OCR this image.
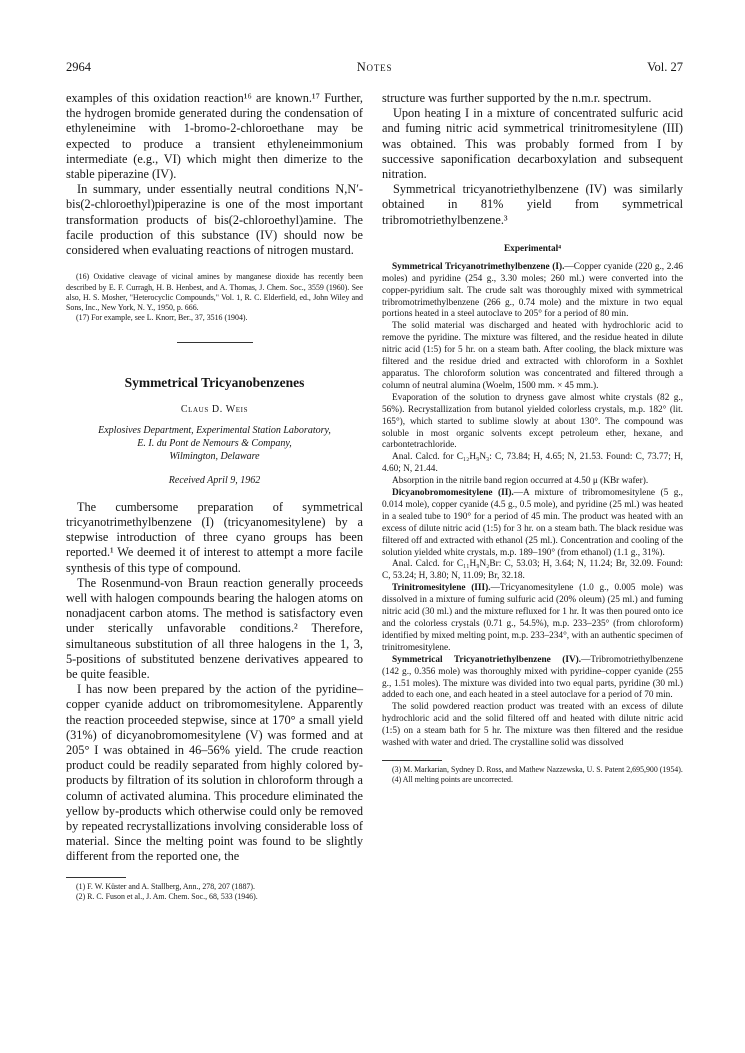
2964	Notes	Vol. 27

examples of this oxidation reaction¹⁶ are known.¹⁷ Further, the hydrogen bromide generated during the condensation of ethyleneimine with 1-bromo-2-chloroethane may be expected to produce a transient ethyleneimmonium intermediate (e.g., VI) which might then dimerize to the stable piperazine (IV).

In summary, under essentially neutral conditions N,N′-bis(2-chloroethyl)piperazine is one of the most important transformation products of bis(2-chloroethyl)amine. The facile production of this substance (IV) should now be considered when evaluating reactions of nitrogen mustard.

(16) Oxidative cleavage of vicinal amines by manganese dioxide has recently been described by E. F. Curragh, H. B. Henbest, and A. Thomas, J. Chem. Soc., 3559 (1960). See also, H. S. Mosher, "Heterocyclic Compounds," Vol. 1, R. C. Elderfield, ed., John Wiley and Sons, Inc., New York, N. Y., 1950, p. 666.

(17) For example, see L. Knorr, Ber., 37, 3516 (1904).

Symmetrical Tricyanobenzenes
Claus D. Weis
Explosives Department, Experimental Station Laboratory,
E. I. du Pont de Nemours & Company,
Wilmington, Delaware
Received April 9, 1962

The cumbersome preparation of symmetrical tricyanotrimethylbenzene (I) (tricyanomesitylene) by a stepwise introduction of three cyano groups has been reported.¹ We deemed it of interest to attempt a more facile synthesis of this type of compound.

The Rosenmund-von Braun reaction generally proceeds well with halogen compounds bearing the halogen atoms on nonadjacent carbon atoms. The method is satisfactory even under sterically unfavorable conditions.² Therefore, simultaneous substitution of all three halogens in the 1, 3, 5-positions of substituted benzene derivatives appeared to be quite feasible.

I has now been prepared by the action of the pyridine–copper cyanide adduct on tribromomesitylene. Apparently the reaction proceeded stepwise, since at 170° a small yield (31%) of dicyanobromomesitylene (V) was formed and at 205° I was obtained in 46–56% yield. The crude reaction product could be readily separated from highly colored by-products by filtration of its solution in chloroform through a column of activated alumina. This procedure eliminated the yellow by-products which otherwise could only be removed by repeated recrystallizations involving considerable loss of material. Since the melting point was found to be slightly different from the reported one, the

(1) F. W. Küster and A. Stallberg, Ann., 278, 207 (1887).

(2) R. C. Fuson et al., J. Am. Chem. Soc., 68, 533 (1946).

structure was further supported by the n.m.r. spectrum.

Upon heating I in a mixture of concentrated sulfuric acid and fuming nitric acid symmetrical trinitromesitylene (III) was obtained. This was probably formed from I by successive saponification decarboxylation and subsequent nitration.

Symmetrical tricyanotriethylbenzene (IV) was similarly obtained in 81% yield from symmetrical tribromotriethylbenzene.³

Experimental⁴

Symmetrical Tricyanotrimethylbenzene (I).—Copper cyanide (220 g., 2.46 moles) and pyridine (254 g., 3.30 moles; 260 ml.) were converted into the copper-pyridium salt. The crude salt was thoroughly mixed with symmetrical tribromotrimethylbenzene (266 g., 0.74 mole) and the mixture in two equal portions heated in a steel autoclave to 205° for a period of 80 min.

The solid material was discharged and heated with hydrochloric acid to remove the pyridine. The mixture was filtered, and the residue heated in dilute nitric acid (1:5) for 5 hr. on a steam bath. After cooling, the black mixture was filtered and the residue dried and extracted with chloroform in a Soxhlet apparatus. The chloroform solution was concentrated and filtered through a column of neutral alumina (Woelm, 1500 mm. × 45 mm.).

Evaporation of the solution to dryness gave almost white crystals (82 g., 56%). Recrystallization from butanol yielded colorless crystals, m.p. 182° (lit. 165°), which started to sublime slowly at about 130°. The compound was soluble in most organic solvents except petroleum ether, hexane, and carbontetrachloride.

Anal. Calcd. for C₁₂H₉N₃: C, 73.84; H, 4.65; N, 21.53. Found: C, 73.77; H, 4.60; N, 21.44.

Absorption in the nitrile band region occurred at 4.50 μ (KBr wafer).

Dicyanobromomesitylene (II).—A mixture of tribromomesitylene (5 g., 0.014 mole), copper cyanide (4.5 g., 0.5 mole), and pyridine (25 ml.) was heated in a sealed tube to 190° for a period of 45 min. The product was heated with an excess of dilute nitric acid (1:5) for 3 hr. on a steam bath. The black residue was filtered off and extracted with ethanol (25 ml.). Concentration and cooling of the solution yielded white crystals, m.p. 189–190° (from ethanol) (1.1 g., 31%).

Anal. Calcd. for C₁₁H₉N₂Br: C, 53.03; H, 3.64; N, 11.24; Br, 32.09. Found: C, 53.24; H, 3.80; N, 11.09; Br, 32.18.

Trinitromesitylene (III).—Tricyanomesitylene (1.0 g., 0.005 mole) was dissolved in a mixture of fuming sulfuric acid (20% oleum) (25 ml.) and fuming nitric acid (30 ml.) and the mixture refluxed for 1 hr. It was then poured onto ice and the colorless crystals (0.71 g., 54.5%), m.p. 233–235° (from chloroform) identified by mixed melting point, m.p. 233–234°, with an authentic specimen of trinitromesitylene.

Symmetrical Tricyanotriethylbenzene (IV).—Tribromotriethylbenzene (142 g., 0.356 mole) was thoroughly mixed with pyridine–copper cyanide (255 g., 1.51 moles). The mixture was divided into two equal parts, pyridine (30 ml.) added to each one, and each heated in a steel autoclave for a period of 70 min.

The solid powdered reaction product was treated with an excess of dilute hydrochloric acid and the solid filtered off and heated with dilute nitric acid (1:5) on a steam bath for 5 hr. The mixture was then filtered and the residue washed with water and dried. The crystalline solid was dissolved

(3) M. Markarian, Sydney D. Ross, and Mathew Nazzewska, U. S. Patent 2,695,900 (1954).

(4) All melting points are uncorrected.
